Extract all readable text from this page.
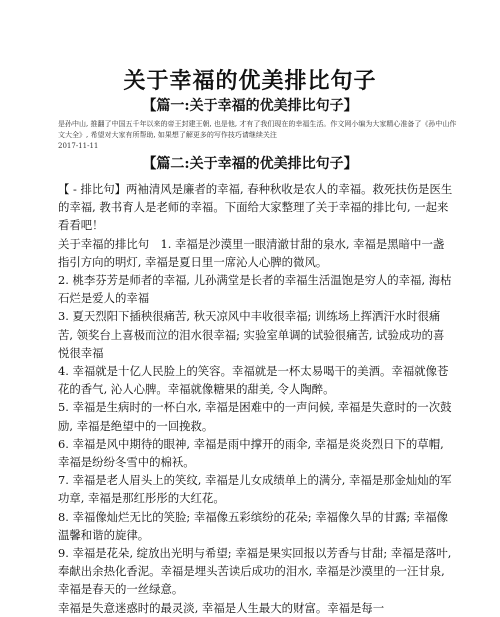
关于幸福的优美排比句子
【篇一:关于幸福的优美排比句子】
是孙中山, 推翻了中国五千年以来的帝王封建王朝, 也是他, 才有了我们现在的幸福生活。作文网小编为大家精心准备了《孙中山作文大全》, 希望对大家有所帮助, 如果想了解更多的写作技巧请继续关注
2017-11-11
【篇二:关于幸福的优美排比句子】

【 - 排比句】两袖清风是廉者的幸福, 春种秋收是农人的幸福。救死扶伤是医生的幸福, 教书育人是老师的幸福。下面给大家整理了关于幸福的排比句, 一起来看看吧！

关于幸福的排比句　1. 幸福是沙漠里一眼清澈甘甜的泉水, 幸福是黑暗中一盏指引方向的明灯, 幸福是夏日里一席沁人心脾的微风。

2. 桃李芬芳是师者的幸福, 儿孙满堂是长者的幸福生活温饱是穷人的幸福, 海枯石烂是爱人的幸福

3. 夏天烈阳下插秧很痛苦, 秋天凉风中丰收很幸福; 训练场上挥洒汗水时很痛苦, 领奖台上喜极而泣的泪水很幸福; 实验室单调的试验很痛苦, 试验成功的喜悦很幸福

4. 幸福就是十亿人民脸上的笑容。幸福就是一杯太易喝干的美酒。幸福就像苍花的香气, 沁人心脾。幸福就像糖果的甜美, 令人陶醉。

5. 幸福是生病时的一杯白水, 幸福是困难中的一声问候, 幸福是失意时的一次鼓励, 幸福是绝望中的一回挽救。

6. 幸福是风中期待的眼神, 幸福是雨中撑开的雨伞, 幸福是炎炎烈日下的草帽, 幸福是纷纷冬雪中的棉袄。

7. 幸福是老人眉头上的笑纹, 幸福是儿女成绩单上的满分, 幸福是那金灿灿的军功章, 幸福是那红彤彤的大红花。

8. 幸福像灿烂无比的笑脸; 幸福像五彩缤纷的花朵; 幸福像久旱的甘露; 幸福像温馨和谐的旋律。

9. 幸福是花朵, 绽放出光明与希望; 幸福是果实回报以芳香与甘甜; 幸福是落叶, 奉献出余热化香泥。幸福是埋头苦读后成功的泪水, 幸福是沙漠里的一汪甘泉, 幸福是春天的一丝绿意。

幸福是失意迷惑时的最灵淡, 幸福是人生最大的财富。幸福是每一
